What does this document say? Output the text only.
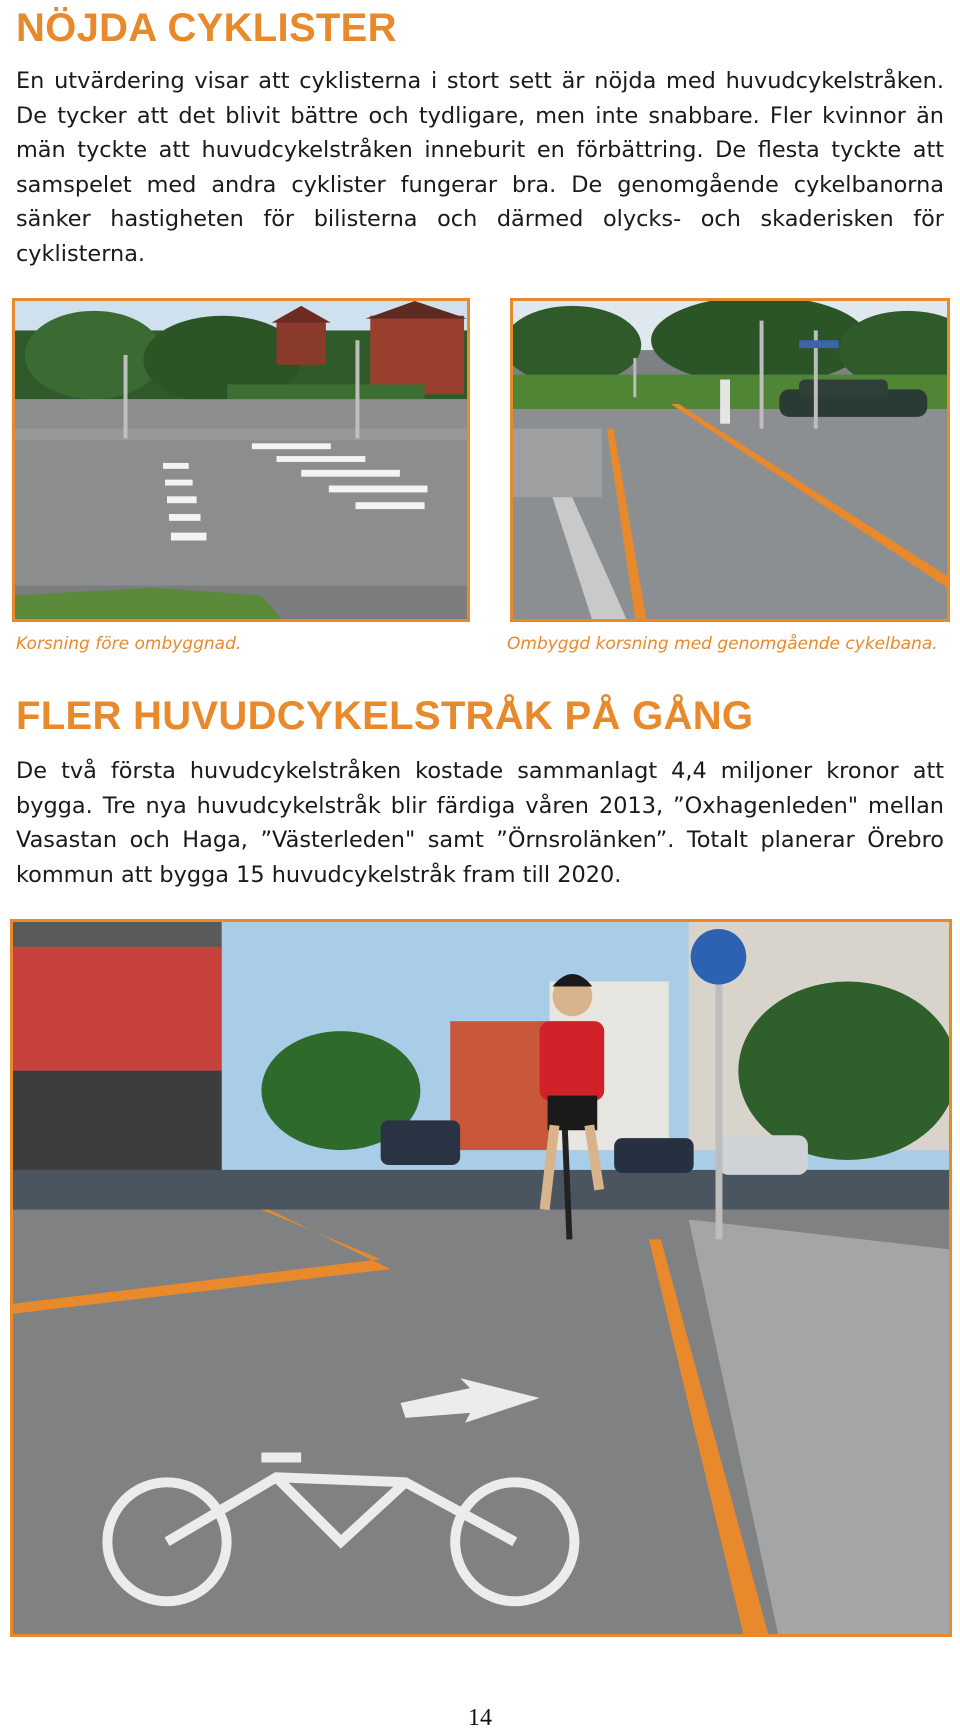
NÖJDA CYKLISTER

En utvärdering visar att cyklisterna i stort sett är nöjda med huvudcykelstråken. De tycker att det blivit bättre och tydligare, men inte snabbare. Fler kvinnor än män tyckte att huvudcykelstråken inneburit en förbättring. De flesta tyckte att samspelet med andra cyklister fungerar bra. De genomgående cykelbanorna sänker hastigheten för bilisterna och därmed olycks- och skaderisken för cyklisterna.

Korsning före ombyggnad.	Ombyggd korsning med genomgående cykelbana.

FLER HUVUDCYKELSTRÅK PÅ GÅNG

De två första huvudcykelstråken kostade sammanlagt 4,4 miljoner kronor att bygga. Tre nya huvudcykelstråk blir färdiga våren 2013, ”Oxhagenleden" mellan Vasastan och Haga, ”Västerleden" samt ”Örnsrolänken”. Totalt planerar Örebro kommun att bygga 15 huvudcykelstråk fram till 2020.

14
